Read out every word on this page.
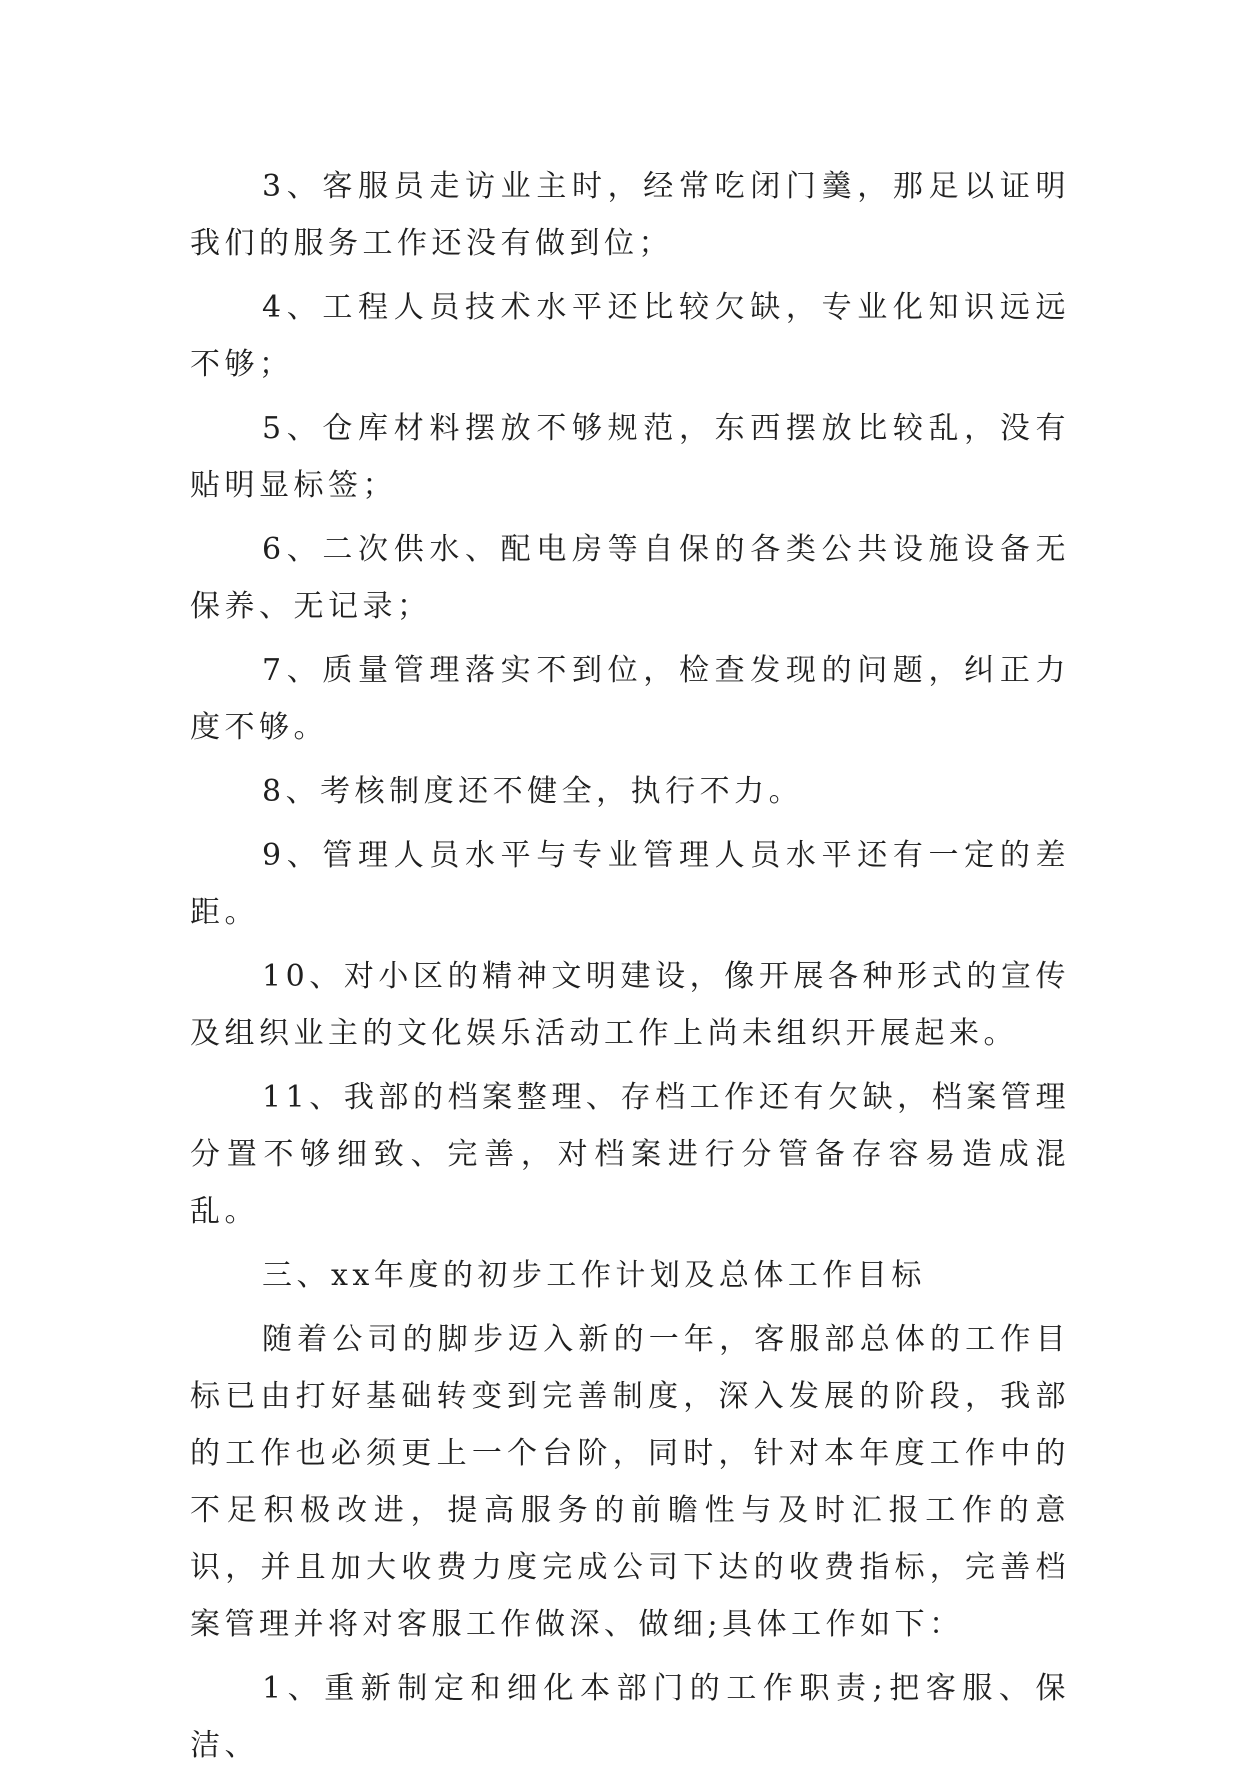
3、客服员走访业主时，经常吃闭门羹，那足以证明我们的服务工作还没有做到位；

4、工程人员技术水平还比较欠缺，专业化知识远远不够；

5、仓库材料摆放不够规范，东西摆放比较乱，没有贴明显标签；

6、二次供水、配电房等自保的各类公共设施设备无保养、无记录；

7、质量管理落实不到位，检查发现的问题，纠正力度不够。

8、考核制度还不健全，执行不力。

9、管理人员水平与专业管理人员水平还有一定的差距。

10、对小区的精神文明建设，像开展各种形式的宣传及组织业主的文化娱乐活动工作上尚未组织开展起来。

11、我部的档案整理、存档工作还有欠缺，档案管理分置不够细致、完善，对档案进行分管备存容易造成混乱。

三、xx年度的初步工作计划及总体工作目标

随着公司的脚步迈入新的一年，客服部总体的工作目标已由打好基础转变到完善制度，深入发展的阶段，我部的工作也必须更上一个台阶，同时，针对本年度工作中的不足积极改进，提高服务的前瞻性与及时汇报工作的意识，并且加大收费力度完成公司下达的收费指标，完善档案管理并将对客服工作做深、做细;具体工作如下：

1、重新制定和细化本部门的工作职责;把客服、保洁、
